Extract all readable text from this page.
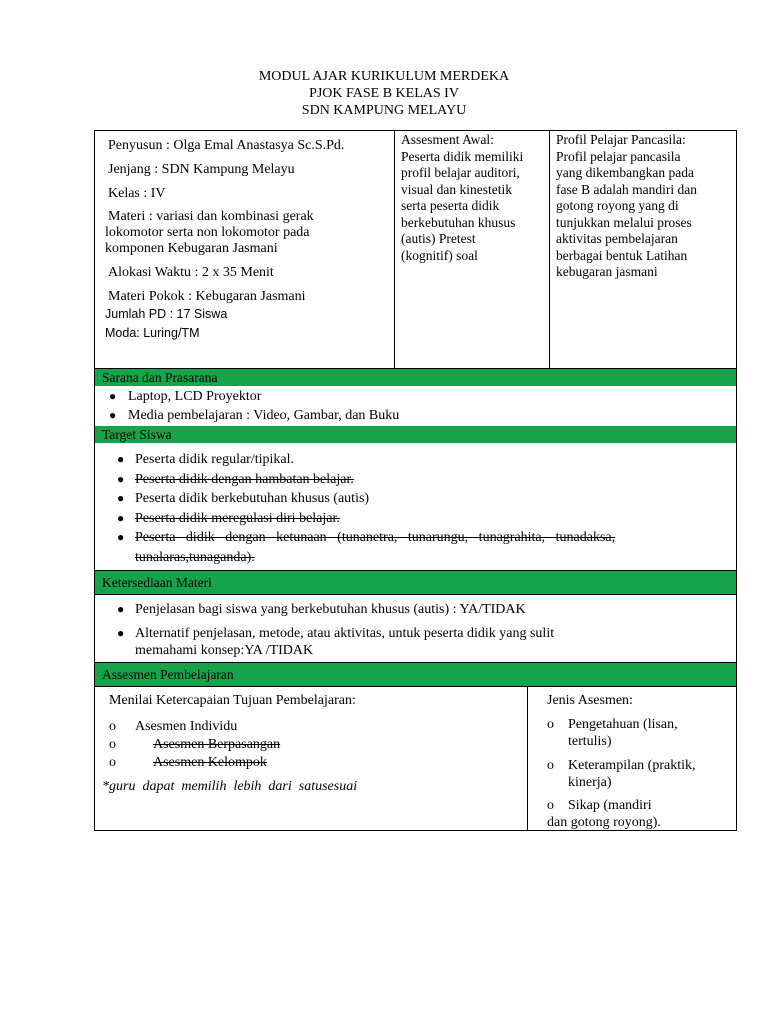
MODUL AJAR KURIKULUM MERDEKA
PJOK FASE B KELAS IV
SDN KAMPUNG MELAYU
Penyusun : Olga Emal Anastasya Sc.S.Pd.
Jenjang : SDN Kampung Melayu
Kelas : IV
Materi : variasi dan kombinasi gerak
lokomotor serta non lokomotor pada
komponen Kebugaran Jasmani
Alokasi Waktu : 2 x 35 Menit
Materi Pokok : Kebugaran Jasmani
Jumlah PD : 17 Siswa
Moda: Luring/TM
Assesment Awal:
Peserta didik memiliki
profil belajar auditori,
visual dan kinestetik
serta peserta didik
berkebutuhan khusus
(autis) Pretest
(kognitif) soal
Profil Pelajar Pancasila:
Profil pelajar pancasila
yang dikembangkan pada
fase B adalah mandiri dan
gotong royong yang di
tunjukkan melalui proses
aktivitas pembelajaran
berbagai bentuk Latihan
kebugaran jasmani
Sarana dan Prasarana
● Laptop, LCD Proyektor
● Media pembelajaran : Video, Gambar, dan Buku
Target Siswa
● Peserta didik regular/tipikal.
● Peserta didik dengan hambatan belajar.
● Peserta didik berkebutuhan khusus (autis)
● Peserta didik meregulasi diri belajar.
● Peserta didik dengan ketunaan (tunanetra, tunarungu, tunagrahita, tunadaksa,
tunalaras,tunaganda).
Ketersediaan Materi
● Penjelasan bagi siswa yang berkebutuhan khusus (autis) : YA/TIDAK
● Alternatif penjelasan, metode, atau aktivitas, untuk peserta didik yang sulit
memahami konsep:YA /TIDAK
Assesmen Pembelajaran
Menilai Ketercapaian Tujuan Pembelajaran:
o Asesmen Individu
o	Asesmen Berpasangan
o	Asesmen Kelompok
*guru  dapat  memilih  lebih  dari  satusesuai
Jenis Asesmen:
o Pengetahuan (lisan,
tertulis)
o Keterampilan (praktik,
kinerja)
o Sikap (mandiri
dan gotong royong).
